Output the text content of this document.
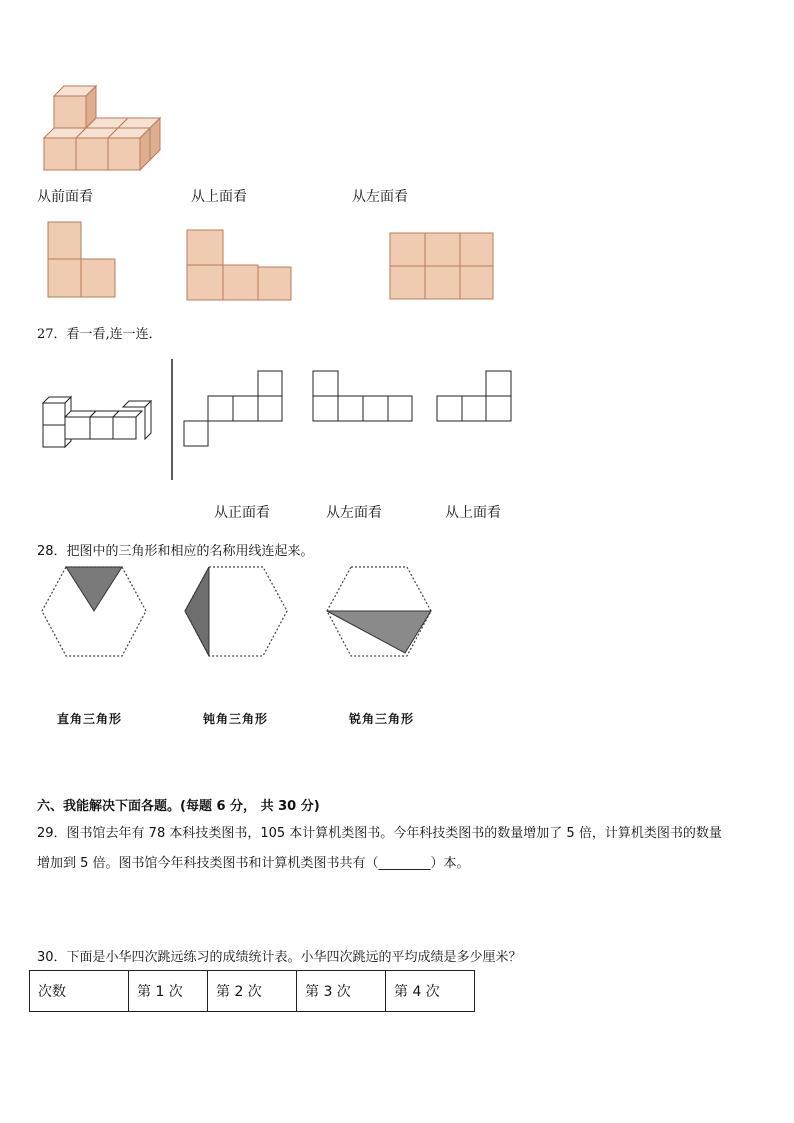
从前面看	从上面看	从左面看
27．看一看,连一连．
从正面看	从左面看	从上面看
28．把图中的三角形和相应的名称用线连起来。
直角三角形	钝角三角形	锐角三角形
六、我能解决下面各题。(每题 6 分， 共 30 分)
29．图书馆去年有 78 本科技类图书，105 本计算机类图书。今年科技类图书的数量增加了 5 倍，计算机类图书的数量
增加到 5 倍。图书馆今年科技类图书和计算机类图书共有（________）本。
30．下面是小华四次跳远练习的成绩统计表。小华四次跳远的平均成绩是多少厘米？
次数	第 1 次	第 2 次	第 3 次	第 4 次
